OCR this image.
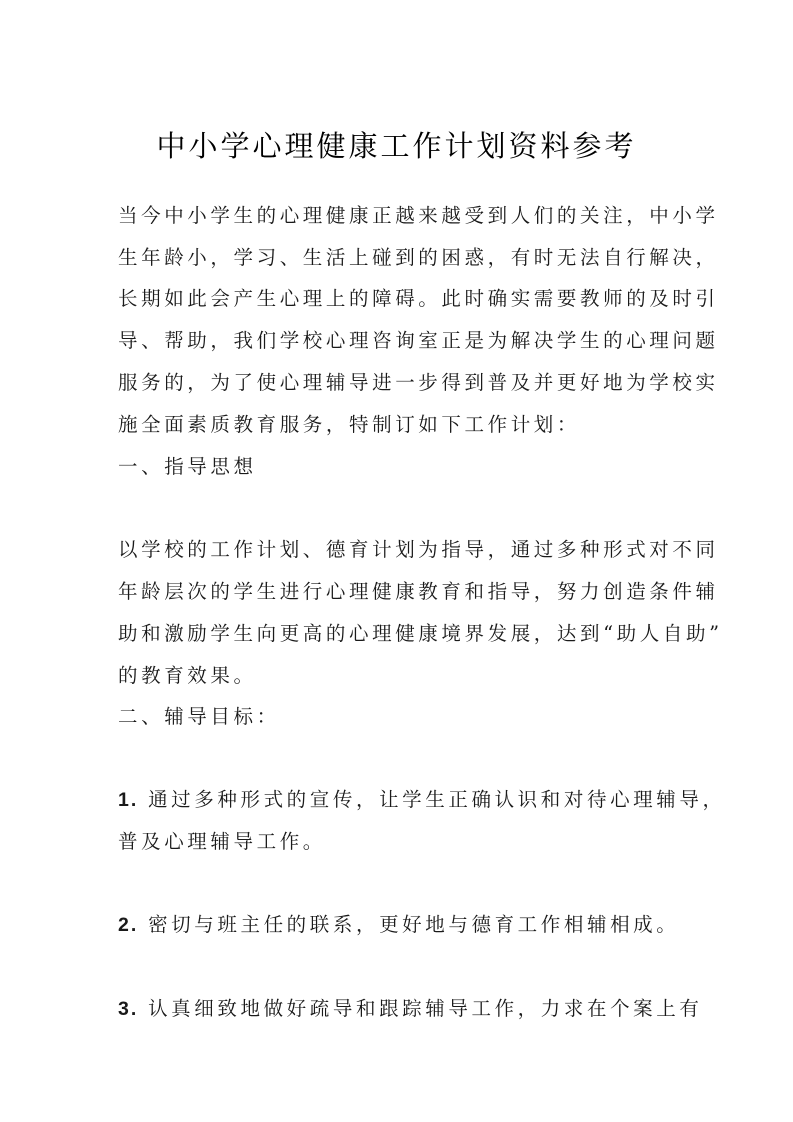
中小学心理健康工作计划资料参考
当今中小学生的心理健康正越来越受到人们的关注，中小学
生年龄小，学习、生活上碰到的困惑，有时无法自行解决，
长期如此会产生心理上的障碍。此时确实需要教师的及时引
导、帮助，我们学校心理咨询室正是为解决学生的心理问题
服务的，为了使心理辅导进一步得到普及并更好地为学校实
施全面素质教育服务，特制订如下工作计划：
一、指导思想
以学校的工作计划、德育计划为指导，通过多种形式对不同
年龄层次的学生进行心理健康教育和指导，努力创造条件辅
助和激励学生向更高的心理健康境界发展，达到“助人自助”
的教育效果。
二、辅导目标：
1. 通过多种形式的宣传，让学生正确认识和对待心理辅导，
普及心理辅导工作。
2. 密切与班主任的联系，更好地与德育工作相辅相成。
3. 认真细致地做好疏导和跟踪辅导工作，力求在个案上有
